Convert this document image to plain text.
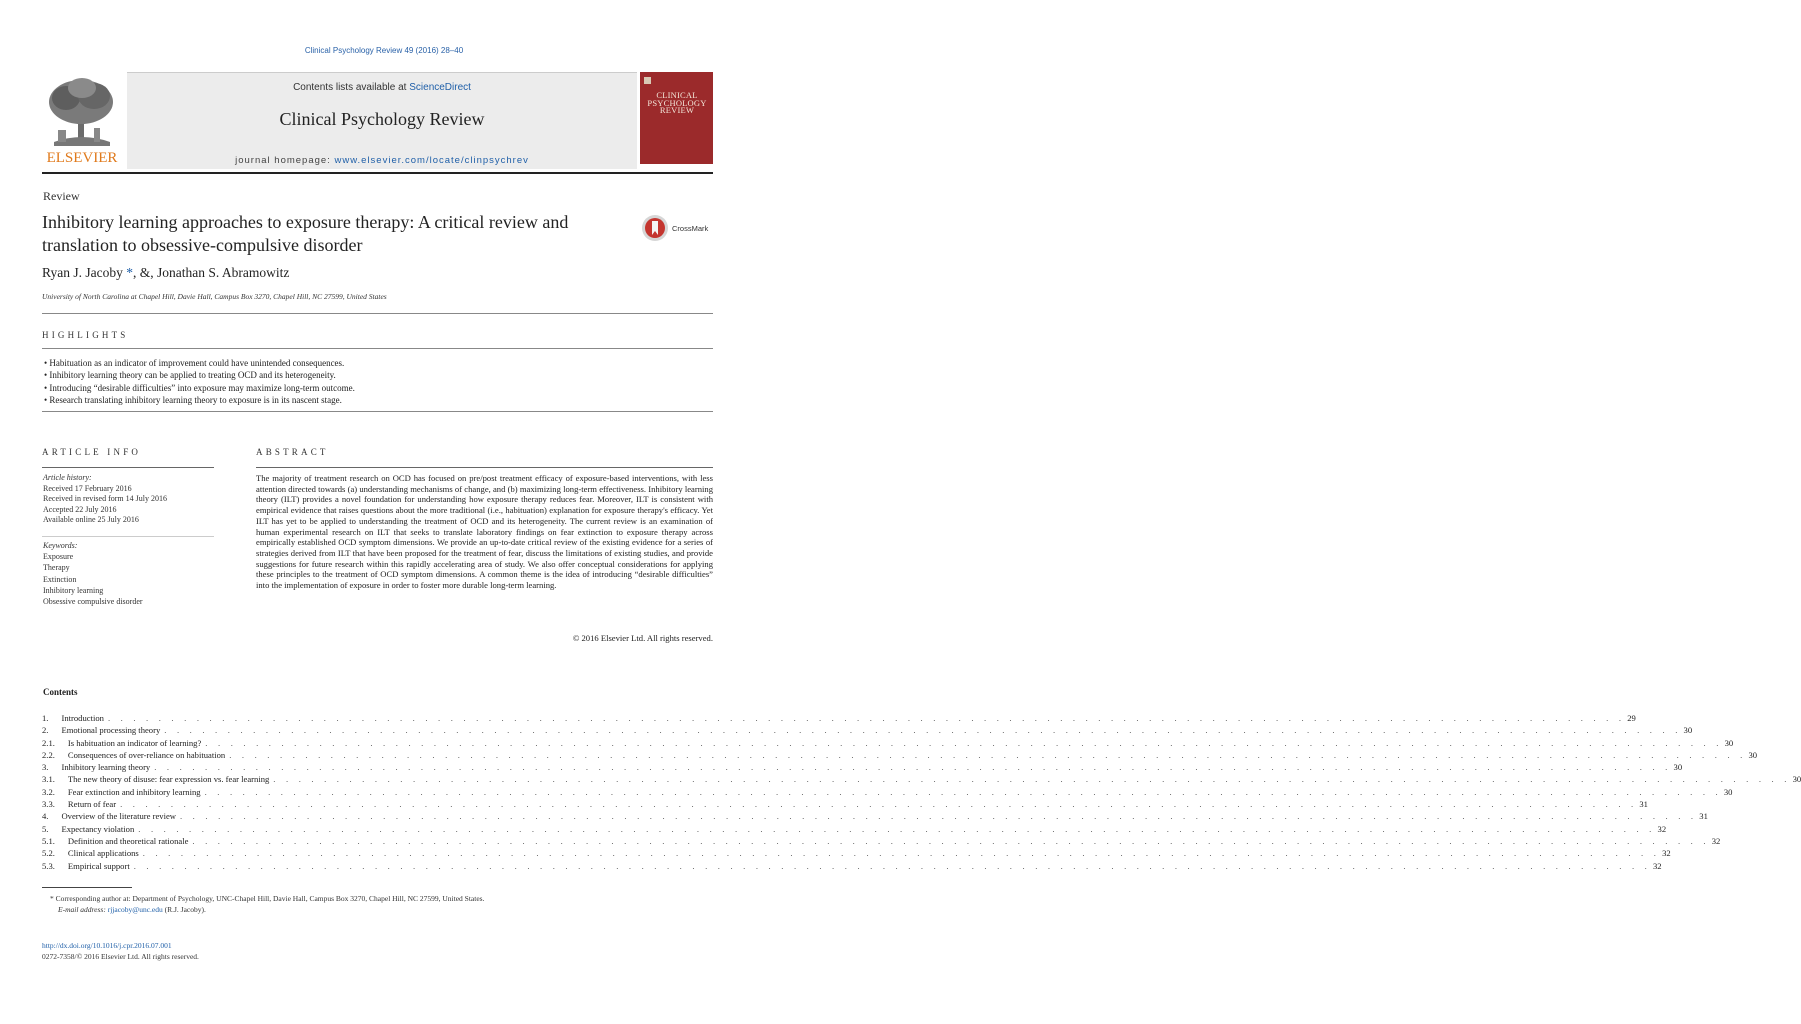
Clinical Psychology Review 49 (2016) 28–40
ELSEVIER
Contents lists available at ScienceDirect
Clinical Psychology Review
journal homepage: www.elsevier.com/locate/clinpsychrev
CLINICAL
PSYCHOLOGY
REVIEW
Review
Inhibitory learning approaches to exposure therapy: A critical review and translation to obsessive-compulsive disorder
CrossMark
Ryan J. Jacoby *, &, Jonathan S. Abramowitz
University of North Carolina at Chapel Hill, Davie Hall, Campus Box 3270, Chapel Hill, NC 27599, United States
HIGHLIGHTS
• Habituation as an indicator of improvement could have unintended consequences.
• Inhibitory learning theory can be applied to treating OCD and its heterogeneity.
• Introducing “desirable difficulties” into exposure may maximize long-term outcome.
• Research translating inhibitory learning theory to exposure is in its nascent stage.
ARTICLE INFO
Article history:
Received 17 February 2016
Received in revised form 14 July 2016
Accepted 22 July 2016
Available online 25 July 2016
Keywords:
Exposure
Therapy
Extinction
Inhibitory learning
Obsessive compulsive disorder
ABSTRACT
The majority of treatment research on OCD has focused on pre/post treatment efficacy of exposure-based interventions, with less attention directed towards (a) understanding mechanisms of change, and (b) maximizing long-term effectiveness. Inhibitory learning theory (ILT) provides a novel foundation for understanding how exposure therapy reduces fear. Moreover, ILT is consistent with empirical evidence that raises questions about the more traditional (i.e., habituation) explanation for exposure therapy's efficacy. Yet ILT has yet to be applied to understanding the treatment of OCD and its heterogeneity. The current review is an examination of human experimental research on ILT that seeks to translate laboratory findings on fear extinction to exposure therapy across empirically established OCD symptom dimensions. We provide an up-to-date critical review of the existing evidence for a series of strategies derived from ILT that have been proposed for the treatment of fear, discuss the limitations of existing studies, and provide suggestions for future research within this rapidly accelerating area of study. We also offer conceptual considerations for applying these principles to the treatment of OCD symptom dimensions. A common theme is the idea of introducing “desirable difficulties” into the implementation of exposure in order to foster more durable long-term learning.
© 2016 Elsevier Ltd. All rights reserved.
Contents
1. Introduction . . . . . . . . . . . . . . . . . . . . . . . . . . . . . . . . . . . . . . . . . . . . . . . . . . . . . . . . . . . . . . . . . . . . . . . . . . . . . . . . . . . . . . . . . . . . . . . . . . . . . . . . . . . . . . . . . . . . . . . . 29
2. Emotional processing theory . . . . . . . . . . . . . . . . . . . . . . . . . . . . . . . . . . . . . . . . . . . . . . . . . . . . . . . . . . . . . . . . . . . . . . . . . . . . . . . . . . . . . . . . . . . . . . . . . . . . . . . . . . . . . . . . . . . . . . . . 30
2.1. Is habituation an indicator of learning? . . . . . . . . . . . . . . . . . . . . . . . . . . . . . . . . . . . . . . . . . . . . . . . . . . . . . . . . . . . . . . . . . . . . . . . . . . . . . . . . . . . . . . . . . . . . . . . . . . . . . . . . . . . . . . . . . . . . . . . . 30
2.2. Consequences of over-reliance on habituation . . . . . . . . . . . . . . . . . . . . . . . . . . . . . . . . . . . . . . . . . . . . . . . . . . . . . . . . . . . . . . . . . . . . . . . . . . . . . . . . . . . . . . . . . . . . . . . . . . . . . . . . . . . . . . . . . . . . . . . . 30
3. Inhibitory learning theory . . . . . . . . . . . . . . . . . . . . . . . . . . . . . . . . . . . . . . . . . . . . . . . . . . . . . . . . . . . . . . . . . . . . . . . . . . . . . . . . . . . . . . . . . . . . . . . . . . . . . . . . . . . . . . . . . . . . . . . . 30
3.1. The new theory of disuse: fear expression vs. fear learning . . . . . . . . . . . . . . . . . . . . . . . . . . . . . . . . . . . . . . . . . . . . . . . . . . . . . . . . . . . . . . . . . . . . . . . . . . . . . . . . . . . . . . . . . . . . . . . . . . . . . . . . . . . . . . . . . . . . . . . . 30
3.2. Fear extinction and inhibitory learning . . . . . . . . . . . . . . . . . . . . . . . . . . . . . . . . . . . . . . . . . . . . . . . . . . . . . . . . . . . . . . . . . . . . . . . . . . . . . . . . . . . . . . . . . . . . . . . . . . . . . . . . . . . . . . . . . . . . . . . . 30
3.3. Return of fear . . . . . . . . . . . . . . . . . . . . . . . . . . . . . . . . . . . . . . . . . . . . . . . . . . . . . . . . . . . . . . . . . . . . . . . . . . . . . . . . . . . . . . . . . . . . . . . . . . . . . . . . . . . . . . . . . . . . . . . . 31
4. Overview of the literature review . . . . . . . . . . . . . . . . . . . . . . . . . . . . . . . . . . . . . . . . . . . . . . . . . . . . . . . . . . . . . . . . . . . . . . . . . . . . . . . . . . . . . . . . . . . . . . . . . . . . . . . . . . . . . . . . . . . . . . . . 31
5. Expectancy violation . . . . . . . . . . . . . . . . . . . . . . . . . . . . . . . . . . . . . . . . . . . . . . . . . . . . . . . . . . . . . . . . . . . . . . . . . . . . . . . . . . . . . . . . . . . . . . . . . . . . . . . . . . . . . . . . . . . . . . . . 32
5.1. Definition and theoretical rationale . . . . . . . . . . . . . . . . . . . . . . . . . . . . . . . . . . . . . . . . . . . . . . . . . . . . . . . . . . . . . . . . . . . . . . . . . . . . . . . . . . . . . . . . . . . . . . . . . . . . . . . . . . . . . . . . . . . . . . . . 32
5.2. Clinical applications . . . . . . . . . . . . . . . . . . . . . . . . . . . . . . . . . . . . . . . . . . . . . . . . . . . . . . . . . . . . . . . . . . . . . . . . . . . . . . . . . . . . . . . . . . . . . . . . . . . . . . . . . . . . . . . . . . . . . . . . 32
5.3. Empirical support . . . . . . . . . . . . . . . . . . . . . . . . . . . . . . . . . . . . . . . . . . . . . . . . . . . . . . . . . . . . . . . . . . . . . . . . . . . . . . . . . . . . . . . . . . . . . . . . . . . . . . . . . . . . . . . . . . . . . . . . 32
* Corresponding author at: Department of Psychology, UNC-Chapel Hill, Davie Hall, Campus Box 3270, Chapel Hill, NC 27599, United States.
E-mail address: rjjacoby@unc.edu (R.J. Jacoby).
http://dx.doi.org/10.1016/j.cpr.2016.07.001
0272-7358/© 2016 Elsevier Ltd. All rights reserved.
